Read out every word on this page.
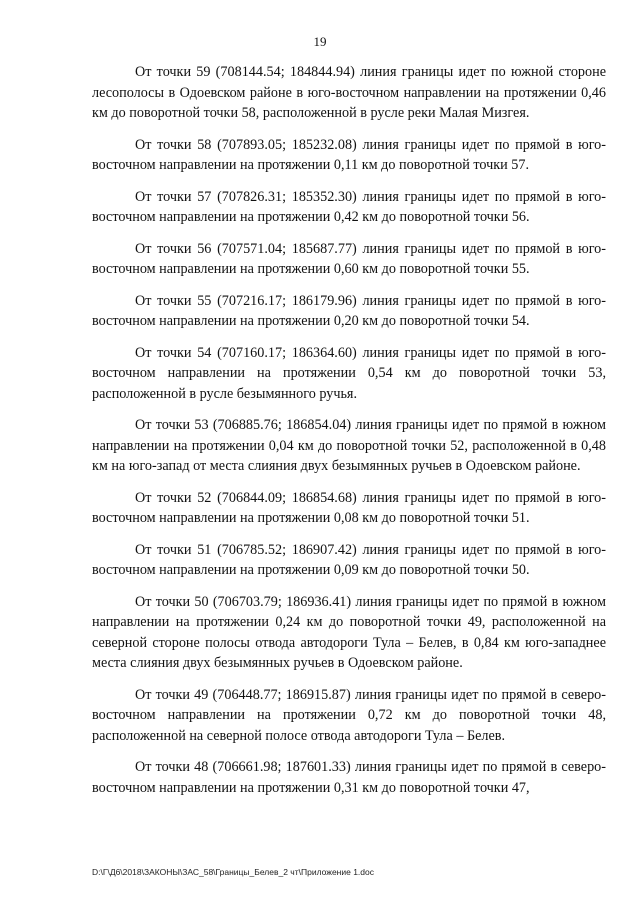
19

От точки 59 (708144.54; 184844.94) линия границы идет по южной стороне лесополосы в Одоевском районе в юго-восточном направлении на протяжении 0,46 км до поворотной точки 58, расположенной в русле реки Малая Мизгея.

От точки 58 (707893.05; 185232.08) линия границы идет по прямой в юго-восточном направлении на протяжении 0,11 км до поворотной точки 57.

От точки 57 (707826.31; 185352.30) линия границы идет по прямой в юго-восточном направлении на протяжении 0,42 км до поворотной точки 56.

От точки 56 (707571.04; 185687.77) линия границы идет по прямой в юго-восточном направлении на протяжении 0,60 км до поворотной точки 55.

От точки 55 (707216.17; 186179.96) линия границы идет по прямой в юго-восточном направлении на протяжении 0,20 км до поворотной точки 54.

От точки 54 (707160.17; 186364.60) линия границы идет по прямой в юго-восточном направлении на протяжении 0,54 км до поворотной точки 53, расположенной в русле безымянного ручья.

От точки 53 (706885.76; 186854.04) линия границы идет по прямой в южном направлении на протяжении 0,04 км до поворотной точки 52, расположенной в 0,48 км на юго-запад от места слияния двух безымянных ручьев в Одоевском районе.

От точки 52 (706844.09; 186854.68) линия границы идет по прямой в юго-восточном направлении на протяжении 0,08 км до поворотной точки 51.

От точки 51 (706785.52; 186907.42) линия границы идет по прямой в юго-восточном направлении на протяжении 0,09 км до поворотной точки 50.

От точки 50 (706703.79; 186936.41) линия границы идет по прямой в южном направлении на протяжении 0,24 км до поворотной точки 49, расположенной на северной стороне полосы отвода автодороги Тула – Белев, в 0,84 км юго-западнее места слияния двух безымянных ручьев в Одоевском районе.

От точки 49 (706448.77; 186915.87) линия границы идет по прямой в северо-восточном направлении на протяжении 0,72 км до поворотной точки 48, расположенной на северной полосе отвода автодороги Тула – Белев.

От точки 48 (706661.98; 187601.33) линия границы идет по прямой в северо-восточном направлении на протяжении 0,31 км до поворотной точки 47,

D:\Г\Д6\2018\ЗАКОНЫ\ЗАС_58\Границы_Белев_2 чт\Приложение 1.doc
